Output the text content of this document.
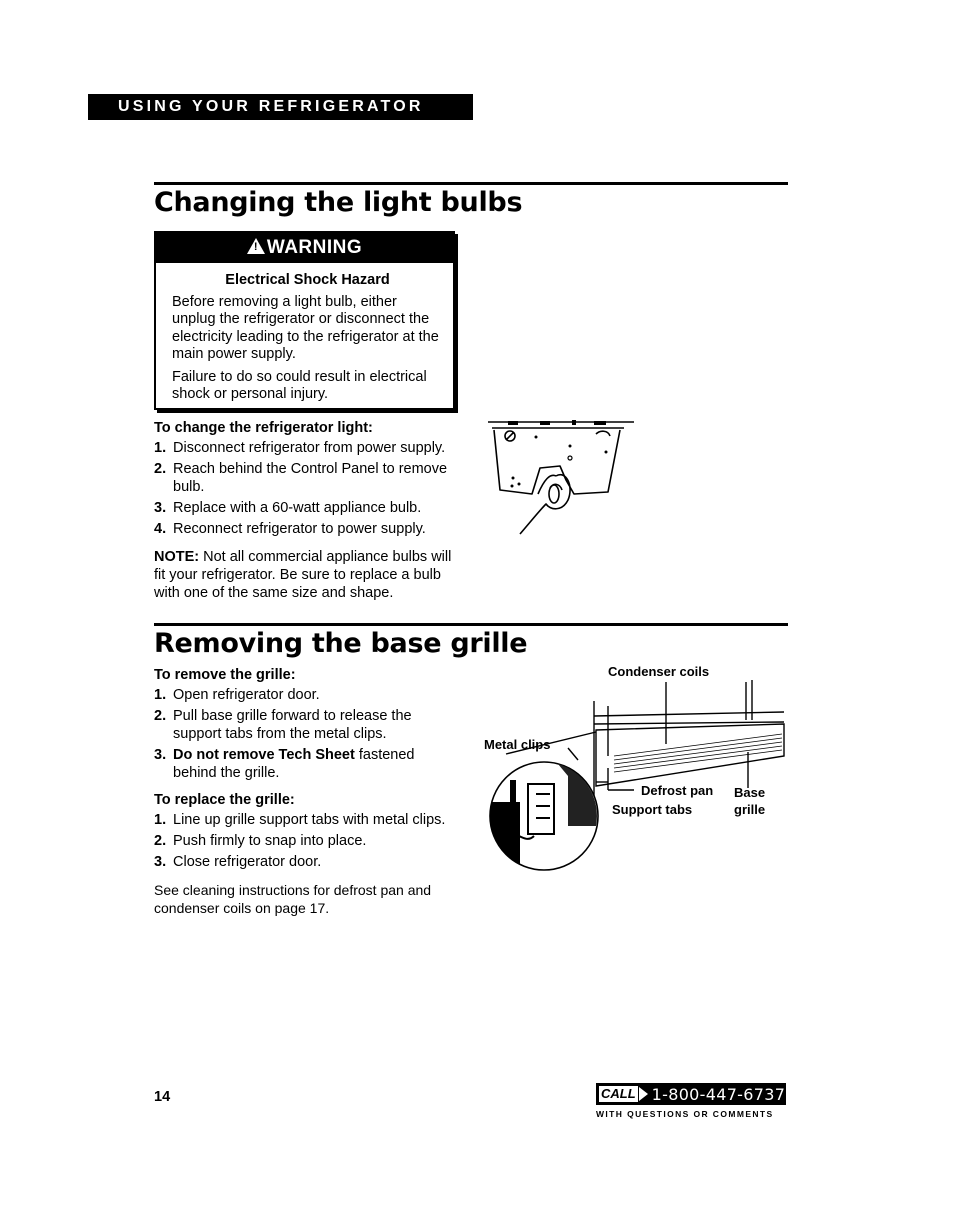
USING YOUR REFRIGERATOR
Changing the light bulbs
! WARNING
Electrical Shock Hazard

Before removing a light bulb, either unplug the refrigerator or disconnect the electricity leading to the refrigerator at the main power supply.

Failure to do so could result in electrical shock or personal injury.

To change the refrigerator light:
1. Disconnect refrigerator from power supply.
2. Reach behind the Control Panel to remove bulb.
3. Replace with a 60-watt appliance bulb.
4. Reconnect refrigerator to power supply.
NOTE: Not all commercial appliance bulbs will fit your refrigerator. Be sure to replace a bulb with one of the same size and shape.
Removing the base grille
To remove the grille:
1. Open refrigerator door.
2. Pull base grille forward to release the support tabs from the metal clips.
3. Do not remove Tech Sheet fastened behind the grille.
To replace the grille:
1. Line up grille support tabs with metal clips.
2. Push firmly to snap into place.
3. Close refrigerator door.
See cleaning instructions for defrost pan and condenser coils on page 17.
Condenser coils
Metal clips
Defrost pan
Support tabs
Base
grille
14	CALL 1-800-447-6737
WITH QUESTIONS OR COMMENTS
